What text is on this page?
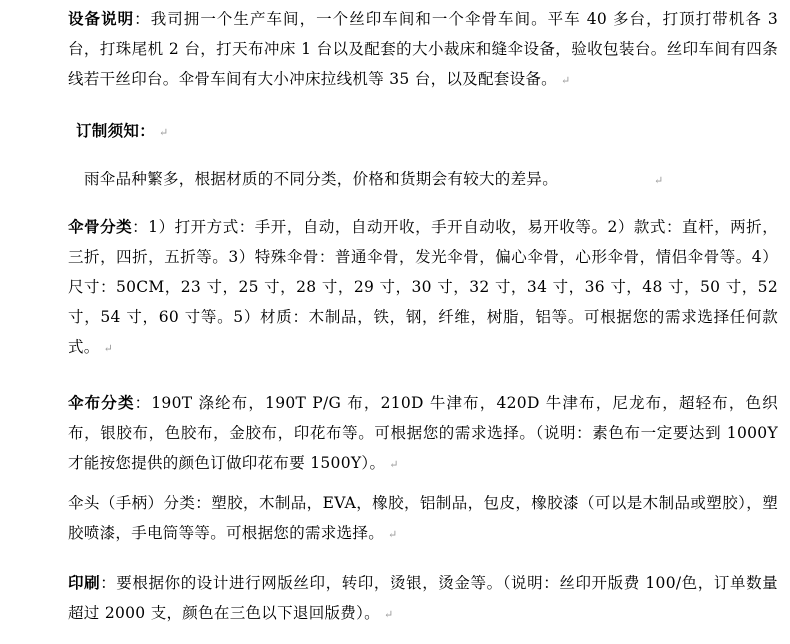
设备说明：我司拥一个生产车间，一个丝印车间和一个伞骨车间。平车 40 多台，打顶打带机各 3 台，打珠尾机 2 台，打天布冲床 1 台以及配套的大小裁床和缝伞设备，验收包装台。丝印车间有四条线若干丝印台。伞骨车间有大小冲床拉线机等 35 台，以及配套设备。 ↵

订制须知： ↵

雨伞品种繁多，根据材质的不同分类，价格和货期会有较大的差异。	↵

伞骨分类：1）打开方式：手开，自动，自动开收，手开自动收，易开收等。2）款式：直杆，两折，三折，四折，五折等。3）特殊伞骨：普通伞骨，发光伞骨，偏心伞骨，心形伞骨，情侣伞骨等。4）尺寸：50CM，23 寸，25 寸，28 寸，29 寸，30 寸，32 寸，34 寸，36 寸，48 寸，50 寸，52 寸，54 寸，60 寸等。5）材质：木制品，铁，钢，纤维，树脂，铝等。可根据您的需求选择任何款式。 ↵

伞布分类：190T 涤纶布，190T P/G 布，210D 牛津布，420D 牛津布，尼龙布，超轻布，色织布，银胶布，色胶布，金胶布，印花布等。可根据您的需求选择。（说明：素色布一定要达到 1000Y 才能按您提供的颜色订做印花布要 1500Y）。 ↵

伞头（手柄）分类：塑胶，木制品，EVA，橡胶，铝制品，包皮，橡胶漆（可以是木制品或塑胶），塑胶喷漆，手电筒等等。可根据您的需求选择。 ↵

印刷：要根据你的设计进行网版丝印，转印，烫银，烫金等。（说明：丝印开版费 100/色，订单数量超过 2000 支，颜色在三色以下退回版费）。 ↵
